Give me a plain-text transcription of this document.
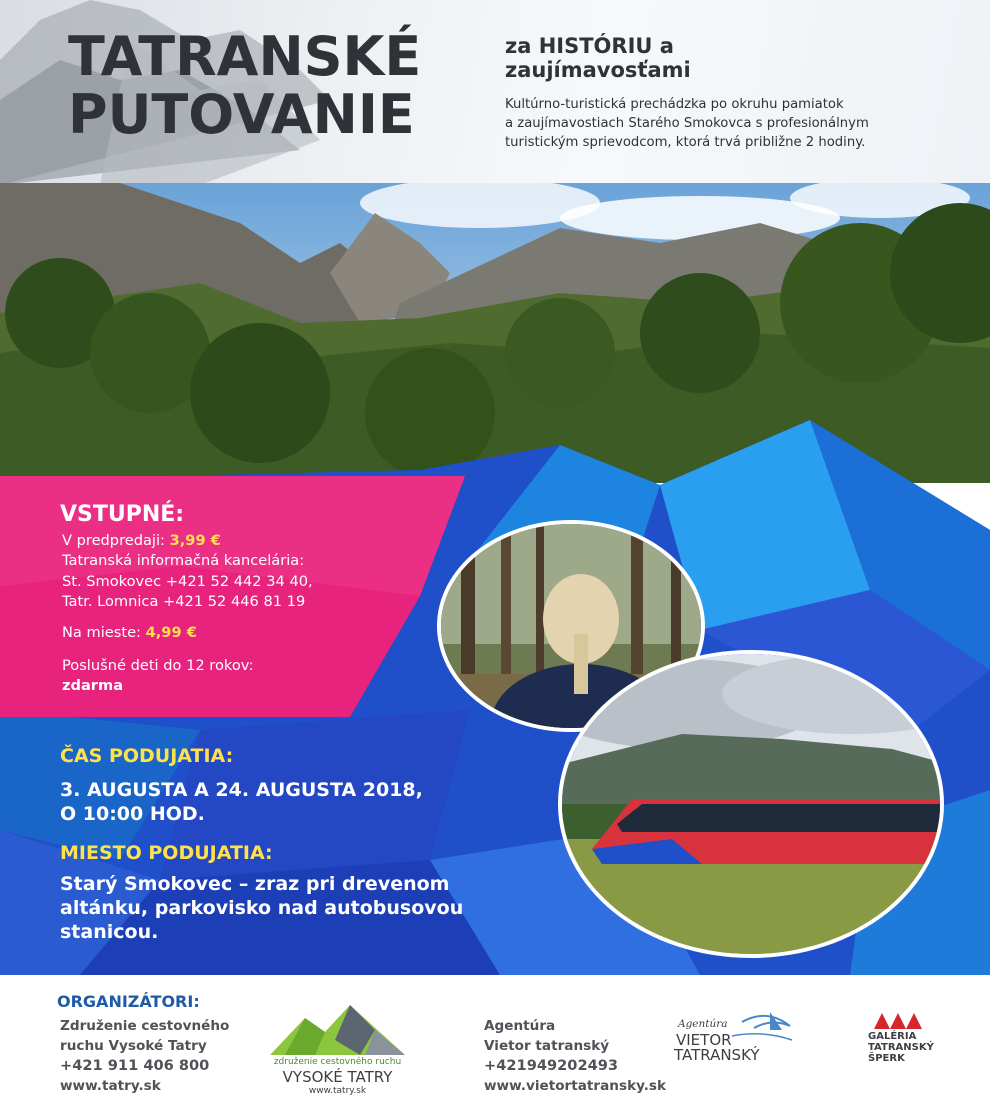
TATRANSKÉ
PUTOVANIE
za HISTÓRIU a
zaujímavosťami
Kultúrno-turistická prechádzka po okruhu pamiatok
a zaujímavostiach Starého Smokovca s profesionálnym
turistickým sprievodcom, ktorá trvá približne 2 hodiny.
VSTUPNÉ:
V predpredaji: 3,99 €
Tatranská informačná kancelária:
St. Smokovec +421 52 442 34 40,
Tatr. Lomnica +421 52 446 81 19
Na mieste: 4,99 €
Poslušné deti do 12 rokov:
zdarma
ČAS PODUJATIA:
3. AUGUSTA A 24. AUGUSTA 2018,
O 10:00 HOD.
MIESTO PODUJATIA:
Starý Smokovec – zraz pri drevenom
altánku, parkovisko nad autobusovou
stanicou.
ORGANIZÁTORI:
Združenie cestovného
ruchu Vysoké Tatry
+421 911 406 800
www.tatry.sk
združenie cestovného ruchu
VYSOKÉ TATRY
www.tatry.sk
Agentúra
Vietor tatranský
+421949202493
www.vietortatransky.sk
Agentúra
VIETOR
TATRANSKÝ
GALÉRIA
TATRANSKÝ
ŠPERK
